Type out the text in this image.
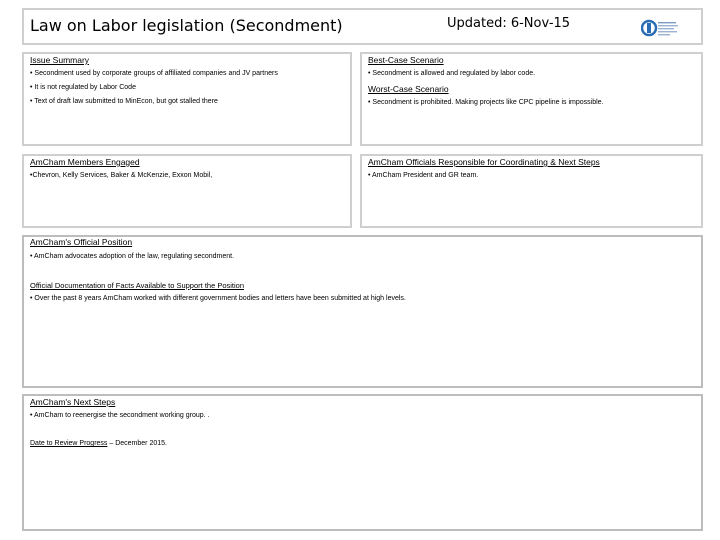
Law on Labor legislation (Secondment)	Updated: 6-Nov-15
Issue Summary
• Secondment used by corporate groups of affiliated companies and JV partners
• It is not regulated by Labor Code
• Text of draft law submitted to MinEcon, but got stalled there
Best-Case Scenario
• Secondment is allowed and regulated by labor code.
Worst-Case Scenario
• Secondment is prohibited. Making projects like CPC pipeline is impossible.
AmCham Members Engaged
•Chevron, Kelly Services, Baker & McKenzie, Exxon Mobil,
AmCham Officials Responsible for Coordinating & Next Steps
• AmCham President and GR team.
AmCham's Official Position
• AmCham advocates adoption of the law, regulating secondment.
Official Documentation of Facts Available to Support the Position
• Over the past 8 years AmCham worked with different government bodies and letters have been submitted at high levels.
AmCham's Next Steps
• AmCham to reenergise the secondment working group. .
Date to Review Progress – December 2015.
